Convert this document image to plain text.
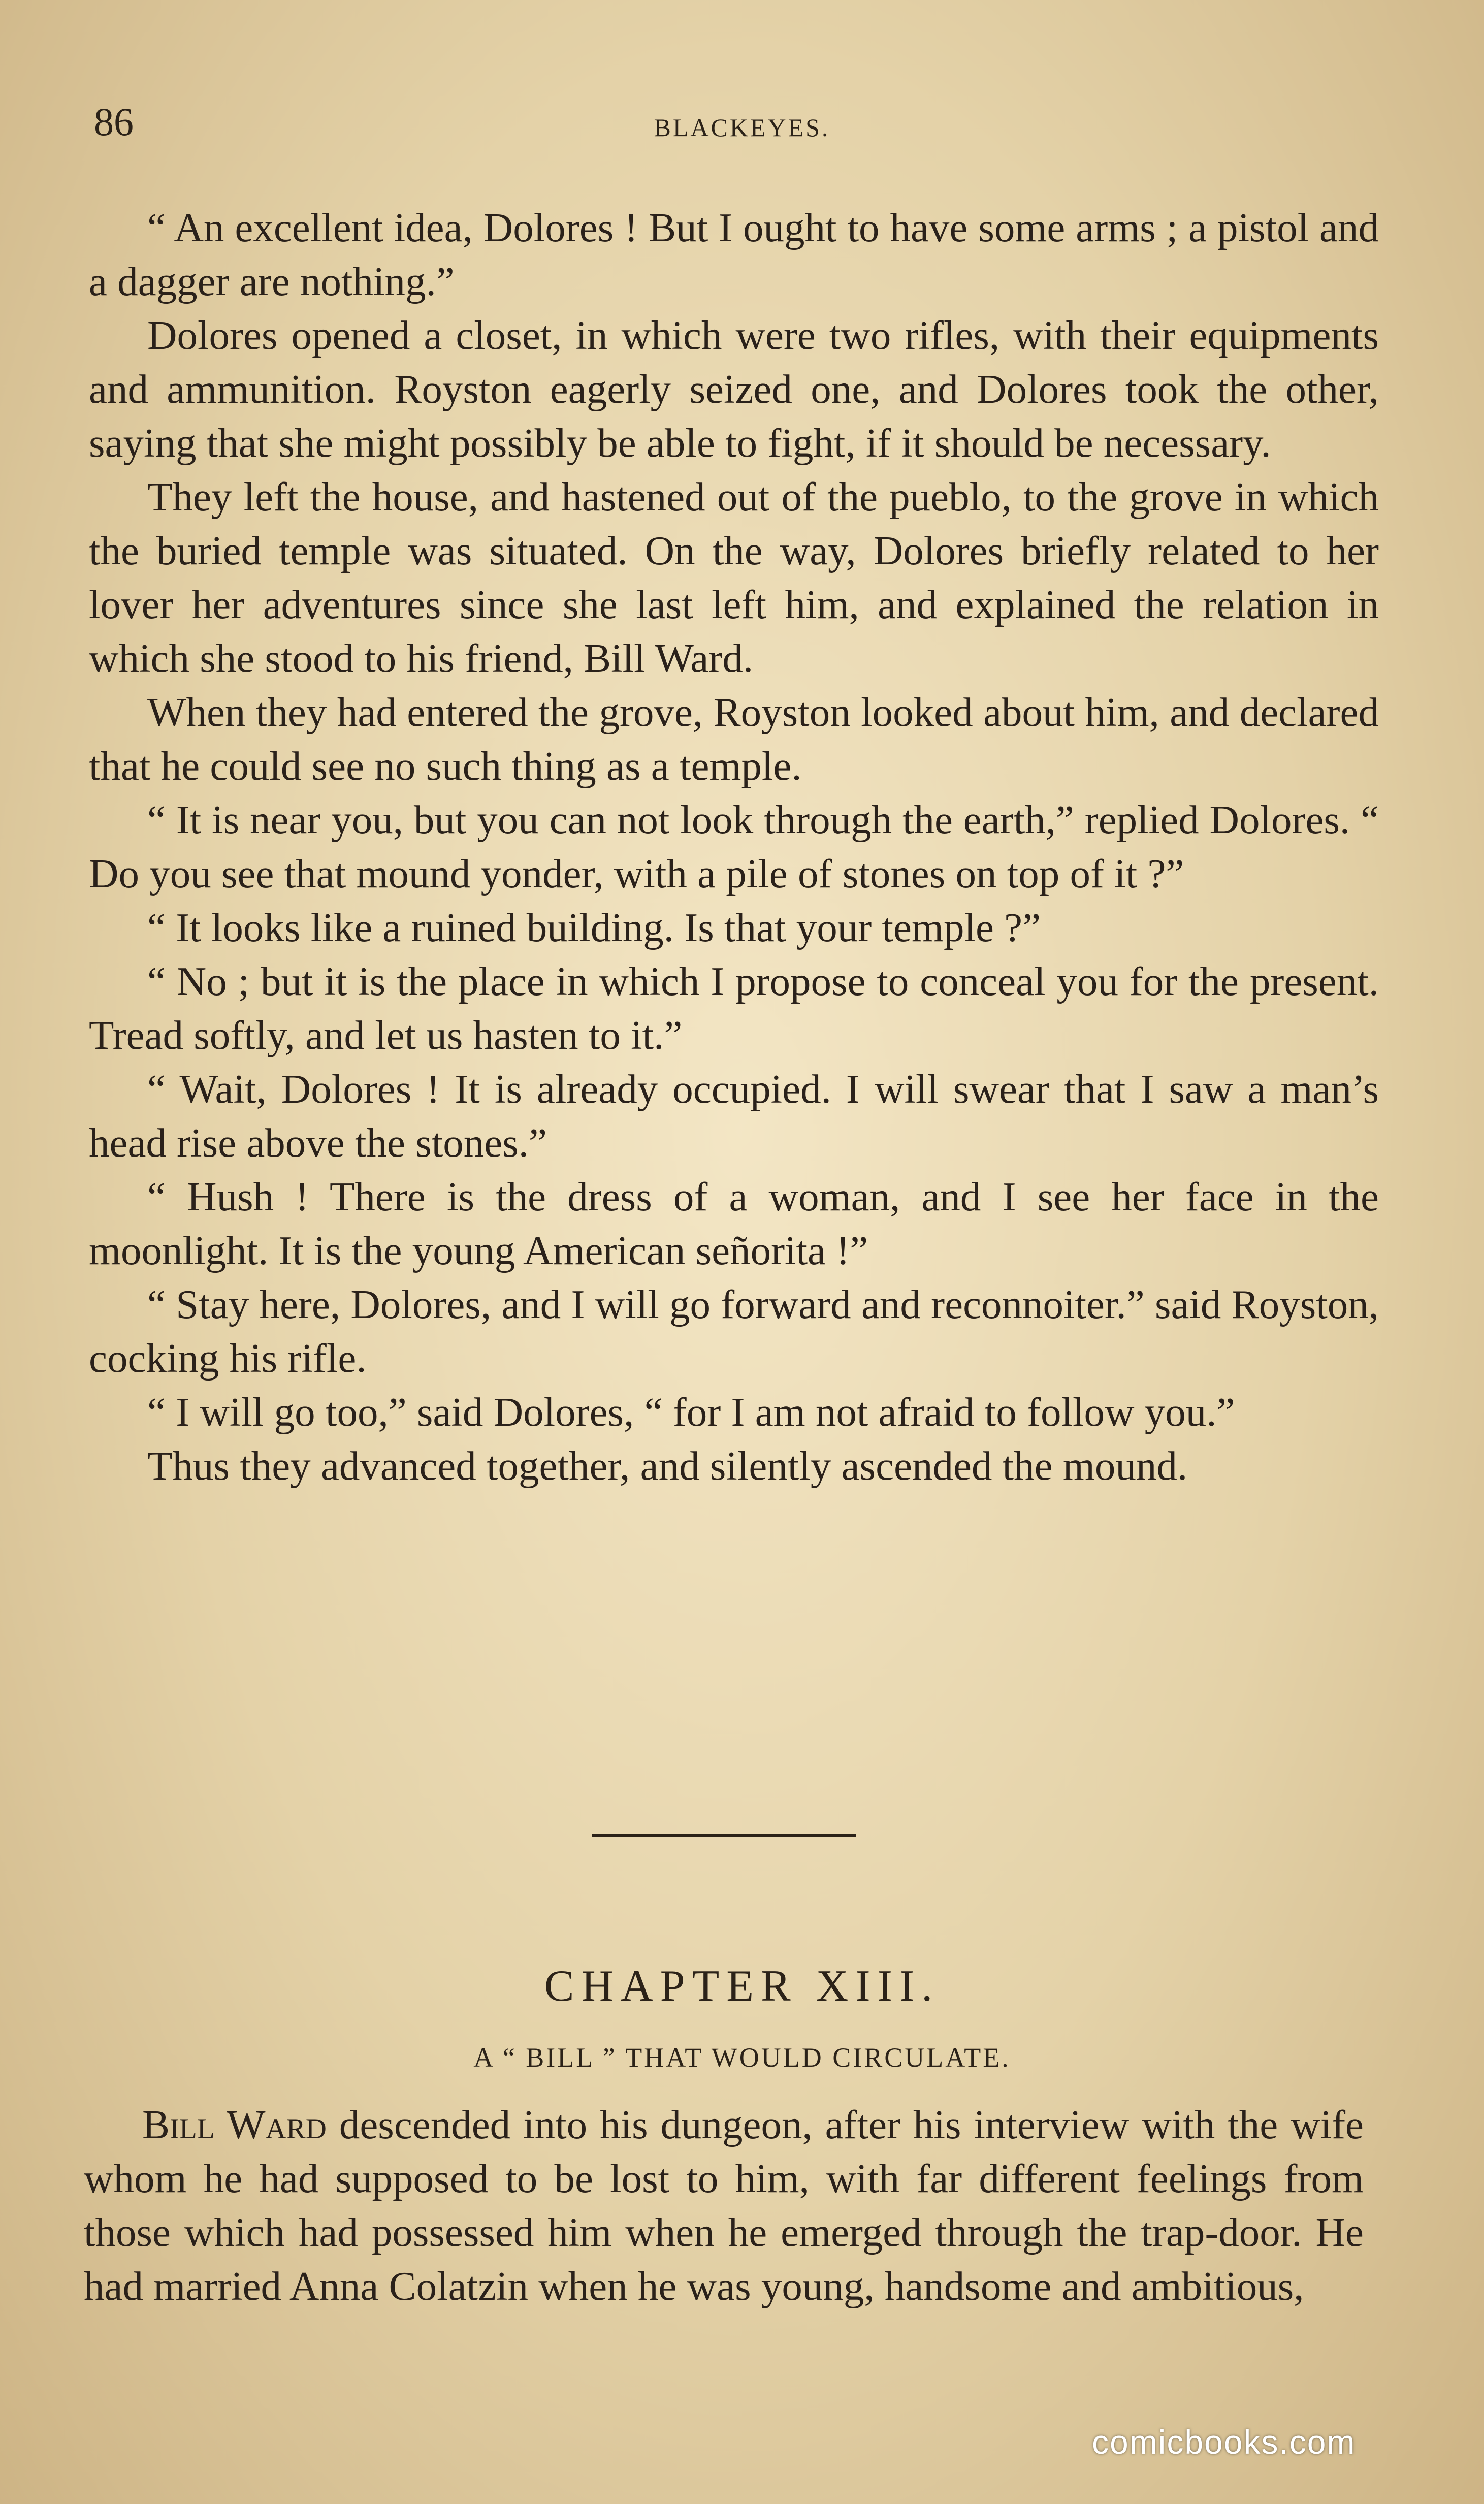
86	BLACKEYES.

“ An excellent idea, Dolores ! But I ought to have some arms ; a pistol and a dagger are nothing.”

Dolores opened a closet, in which were two rifles, with their equipments and ammunition. Royston eagerly seized one, and Dolores took the other, saying that she might possibly be able to fight, if it should be necessary.

They left the house, and hastened out of the pueblo, to the grove in which the buried temple was situated. On the way, Dolores briefly related to her lover her adventures since she last left him, and explained the relation in which she stood to his friend, Bill Ward.

When they had entered the grove, Royston looked about him, and declared that he could see no such thing as a temple.

“ It is near you, but you can not look through the earth,” replied Dolores. “ Do you see that mound yonder, with a pile of stones on top of it ?”

“ It looks like a ruined building. Is that your temple ?”

“ No ; but it is the place in which I propose to conceal you for the present. Tread softly, and let us hasten to it.”

“ Wait, Dolores ! It is already occupied. I will swear that I saw a man’s head rise above the stones.”

“ Hush ! There is the dress of a woman, and I see her face in the moonlight. It is the young American señorita !”

“ Stay here, Dolores, and I will go forward and reconnoiter.” said Royston, cocking his rifle.

“ I will go too,” said Dolores, “ for I am not afraid to follow you.”

Thus they advanced together, and silently ascended the mound.

CHAPTER XIII.
A “ BILL ” THAT WOULD CIRCULATE.

Bill Ward descended into his dungeon, after his interview with the wife whom he had supposed to be lost to him, with far different feelings from those which had possessed him when he emerged through the trap-door. He had married Anna Colatzin when he was young, handsome and ambitious,

comicbooks.com
